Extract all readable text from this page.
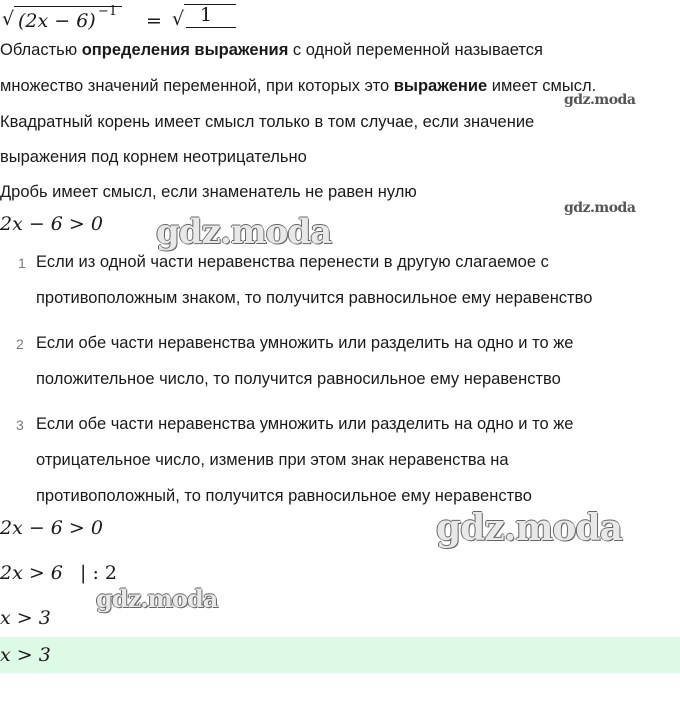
√ (2x − 6) −1 = √ 1
Областью определения выражения с одной переменной называется
множество значений переменной, при которых это выражение имеет смысл.
gdz.moda
Квадратный корень имеет смысл только в том случае, если значение
выражения под корнем неотрицательно
Дробь имеет смысл, если знаменатель не равен нулю
gdz.moda
2x − 6 > 0 gdz.moda
1 Если из одной части неравенства перенести в другую слагаемое с
противоположным знаком, то получится равносильное ему неравенство
2 Если обе части неравенства умножить или разделить на одно и то же
положительное число, то получится равносильное ему неравенство
3 Если обе части неравенства умножить или разделить на одно и то же
отрицательное число, изменив при этом знак неравенства на
противоположный, то получится равносильное ему неравенство
2x − 6 > 0	gdz.moda
2x > 6 | : 2
gdz.moda
x > 3
x > 3
